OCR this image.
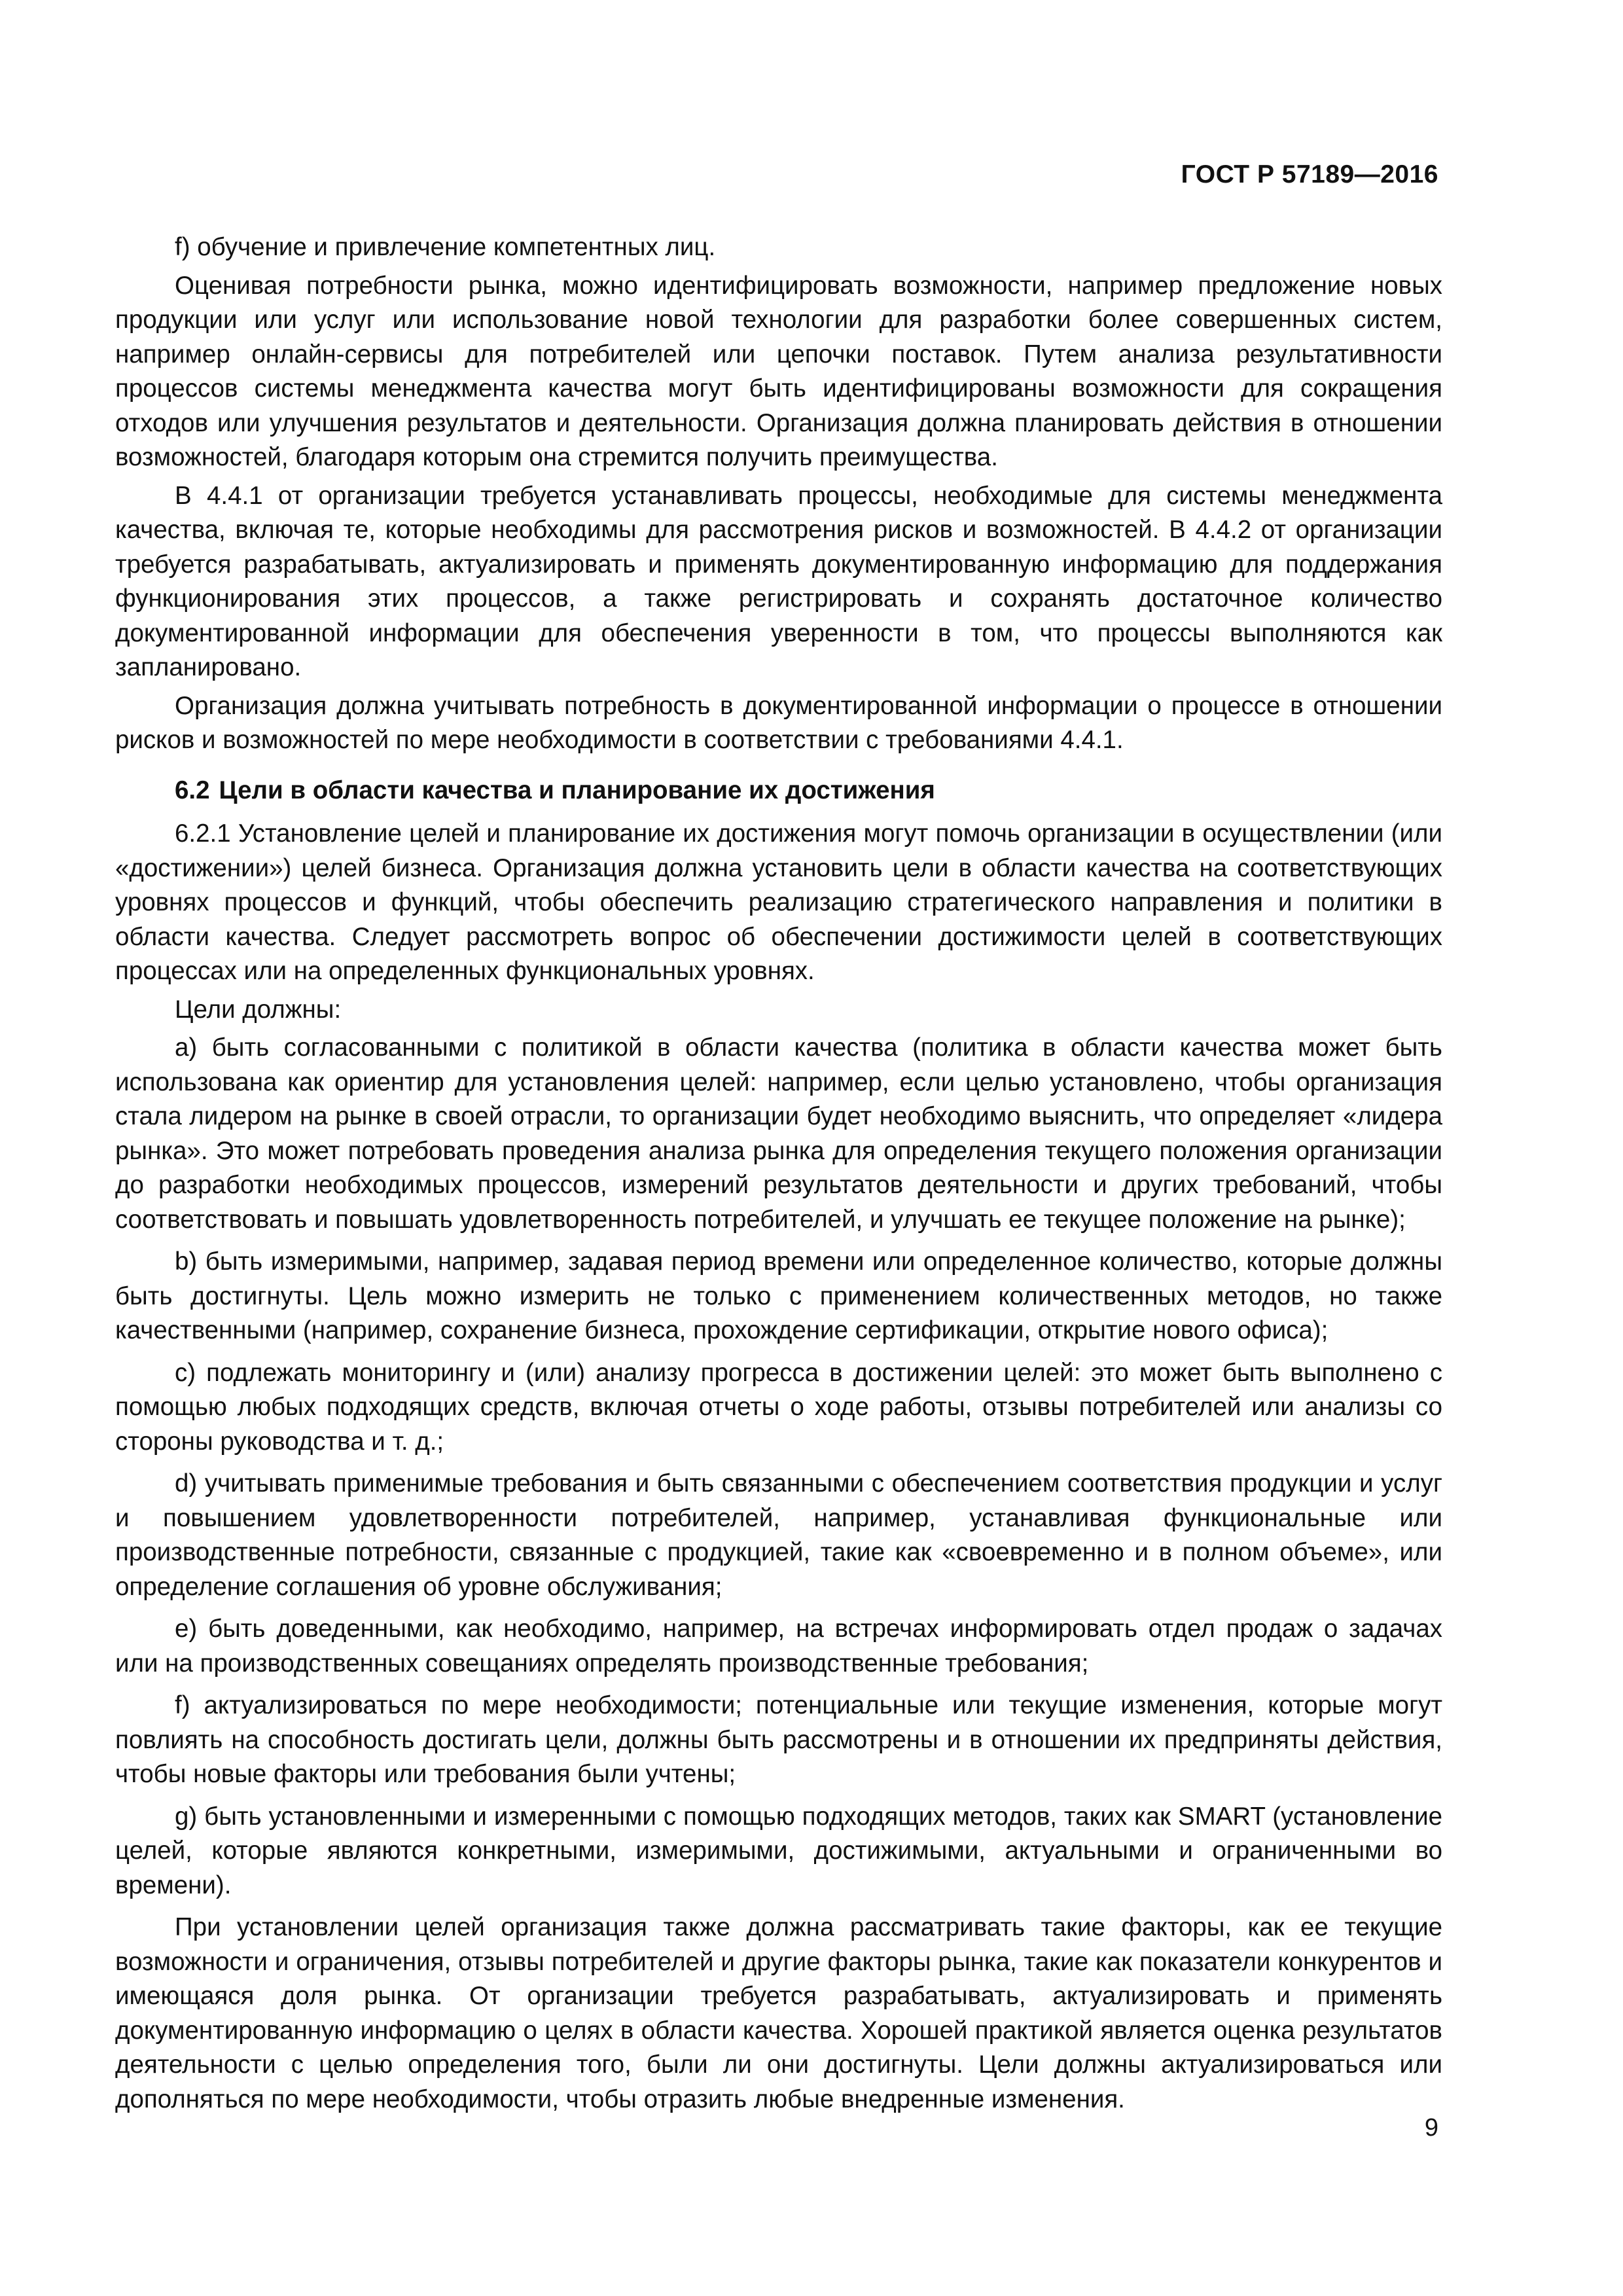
ГОСТ Р 57189—2016

f) обучение и привлечение компетентных лиц.

Оценивая потребности рынка, можно идентифицировать возможности, например предложение новых продукции или услуг или использование новой технологии для разработки более совершенных систем, например онлайн-сервисы для потребителей или цепочки поставок. Путем анализа результативности процессов системы менеджмента качества могут быть идентифицированы возможности для сокращения отходов или улучшения результатов и деятельности. Организация должна планировать действия в отношении возможностей, благодаря которым она стремится получить преимущества.

В 4.4.1 от организации требуется устанавливать процессы, необходимые для системы менеджмента качества, включая те, которые необходимы для рассмотрения рисков и возможностей. В 4.4.2 от организации требуется разрабатывать, актуализировать и применять документированную информацию для поддержания функционирования этих процессов, а также регистрировать и сохранять достаточное количество документированной информации для обеспечения уверенности в том, что процессы выполняются как запланировано.

Организация должна учитывать потребность в документированной информации о процессе в отношении рисков и возможностей по мере необходимости в соответствии с требованиями 4.4.1.

6.2 Цели в области качества и планирование их достижения

6.2.1 Установление целей и планирование их достижения могут помочь организации в осуществлении (или «достижении») целей бизнеса. Организация должна установить цели в области качества на соответствующих уровнях процессов и функций, чтобы обеспечить реализацию стратегического направления и политики в области качества. Следует рассмотреть вопрос об обеспечении достижимости целей в соответствующих процессах или на определенных функциональных уровнях.

Цели должны:

a) быть согласованными с политикой в области качества (политика в области качества может быть использована как ориентир для установления целей: например, если целью установлено, чтобы организация стала лидером на рынке в своей отрасли, то организации будет необходимо выяснить, что определяет «лидера рынка». Это может потребовать проведения анализа рынка для определения текущего положения организации до разработки необходимых процессов, измерений результатов деятельности и других требований, чтобы соответствовать и повышать удовлетворенность потребителей, и улучшать ее текущее положение на рынке);

b) быть измеримыми, например, задавая период времени или определенное количество, которые должны быть достигнуты. Цель можно измерить не только с применением количественных методов, но также качественными (например, сохранение бизнеса, прохождение сертификации, открытие нового офиса);

c) подлежать мониторингу и (или) анализу прогресса в достижении целей: это может быть выполнено с помощью любых подходящих средств, включая отчеты о ходе работы, отзывы потребителей или анализы со стороны руководства и т. д.;

d) учитывать применимые требования и быть связанными с обеспечением соответствия продукции и услуг и повышением удовлетворенности потребителей, например, устанавливая функциональные или производственные потребности, связанные с продукцией, такие как «своевременно и в полном объеме», или определение соглашения об уровне обслуживания;

e) быть доведенными, как необходимо, например, на встречах информировать отдел продаж о задачах или на производственных совещаниях определять производственные требования;

f) актуализироваться по мере необходимости; потенциальные или текущие изменения, которые могут повлиять на способность достигать цели, должны быть рассмотрены и в отношении их предприняты действия, чтобы новые факторы или требования были учтены;

g) быть установленными и измеренными с помощью подходящих методов, таких как SMART (установление целей, которые являются конкретными, измеримыми, достижимыми, актуальными и ограниченными во времени).

При установлении целей организация также должна рассматривать такие факторы, как ее текущие возможности и ограничения, отзывы потребителей и другие факторы рынка, такие как показатели конкурентов и имеющаяся доля рынка. От организации требуется разрабатывать, актуализировать и применять документированную информацию о целях в области качества. Хорошей практикой является оценка результатов деятельности с целью определения того, были ли они достигнуты. Цели должны актуализироваться или дополняться по мере необходимости, чтобы отразить любые внедренные изменения.

9
